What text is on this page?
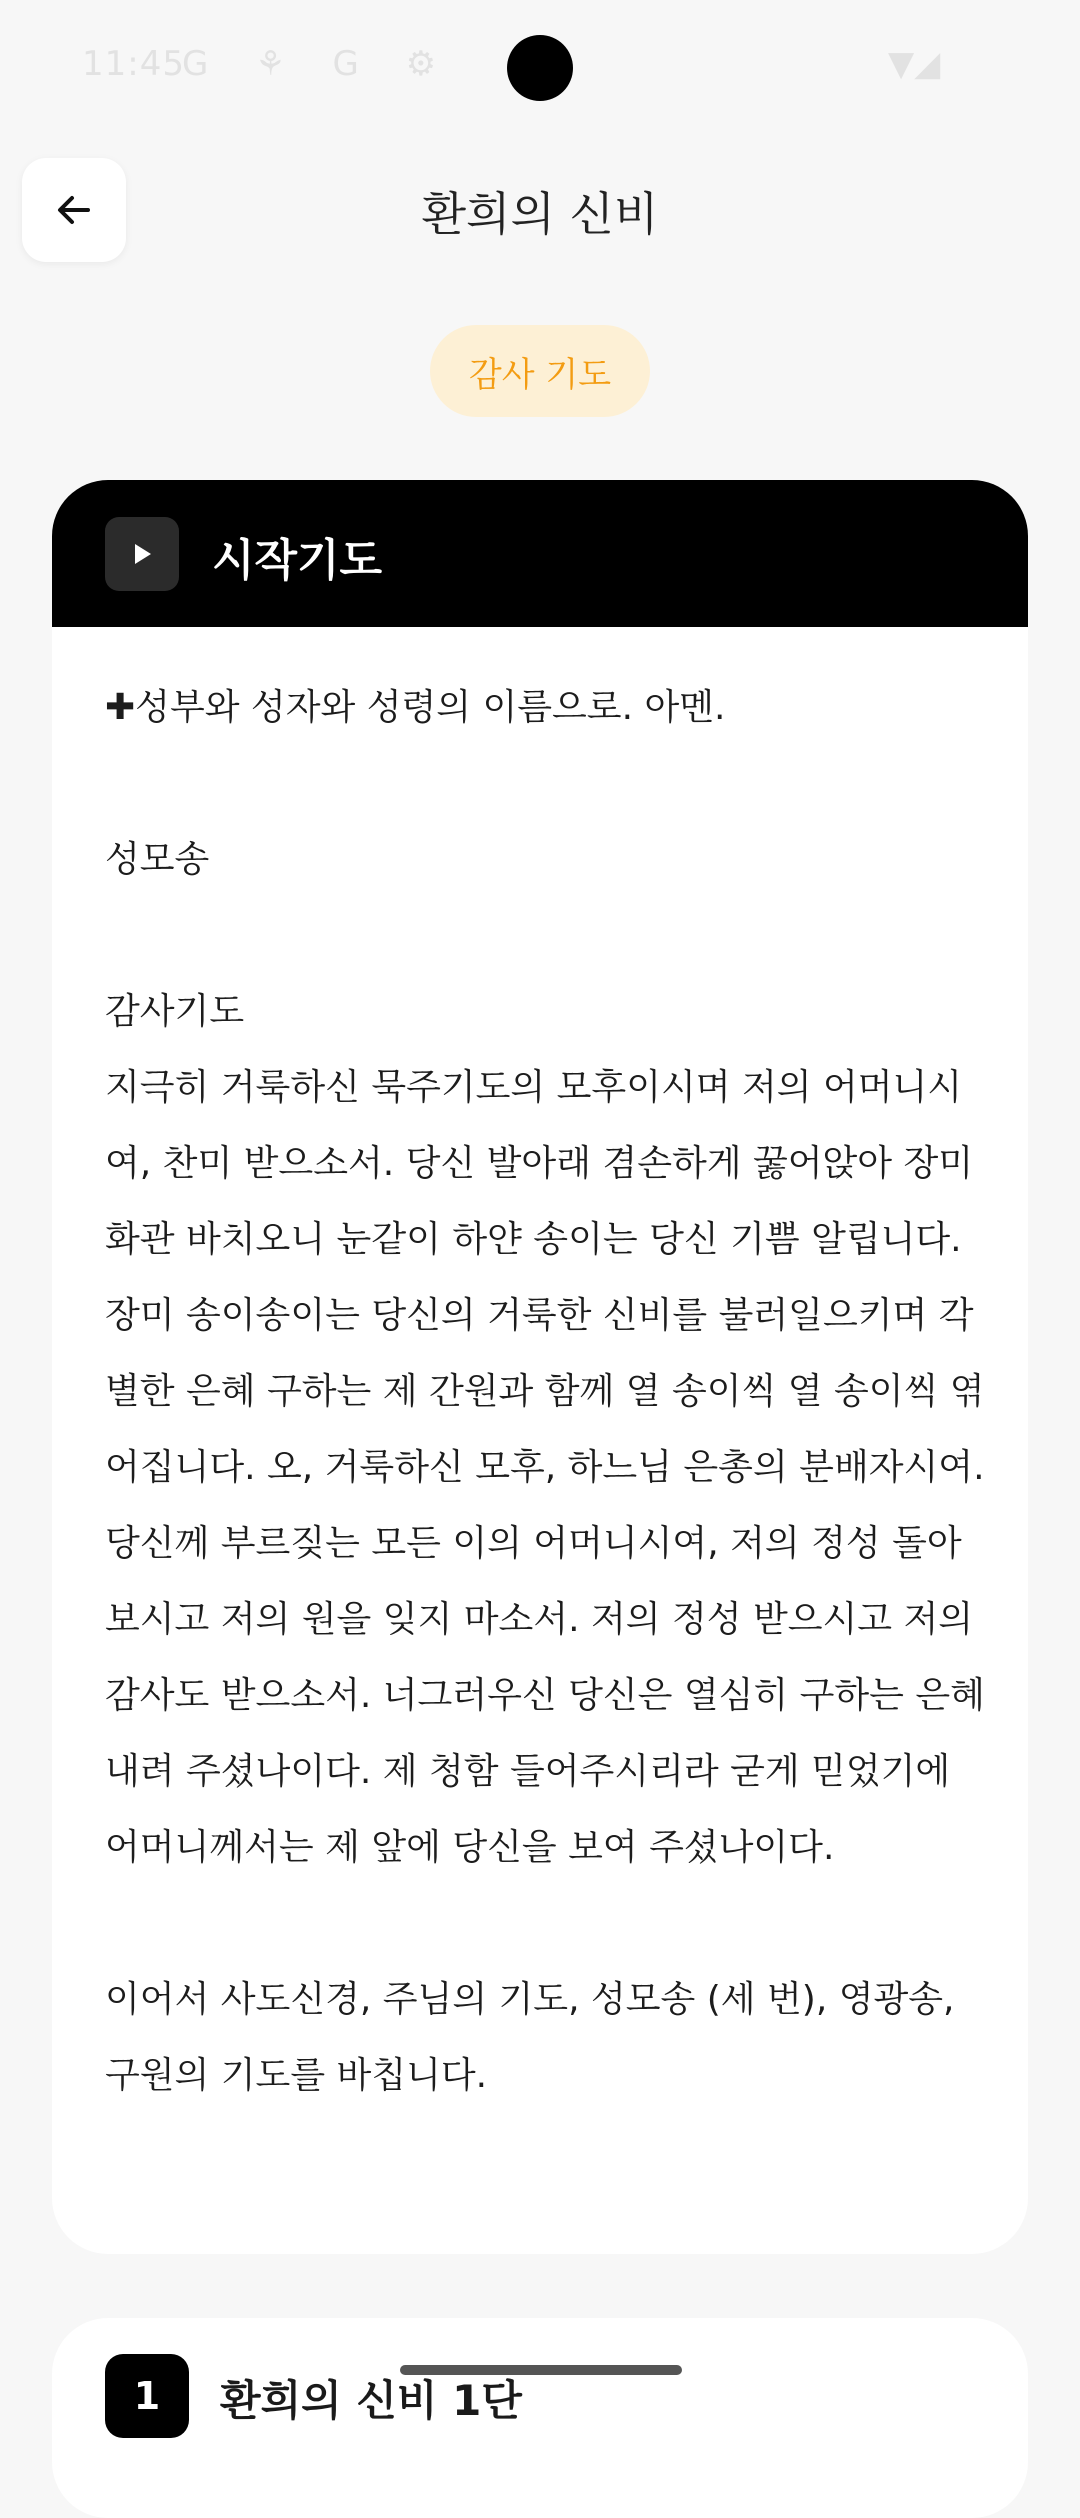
11:45
G ⚘ G ⚙	▼◢
환희의 신비
감사 기도
시작기도

✚성부와 성자와 성령의 이름으로. 아멘.

성모송

감사기도
지극히 거룩하신 묵주기도의 모후이시며 저의 어머니시여, 찬미 받으소서. 당신 발아래 겸손하게 꿇어앉아 장미화관 바치오니 눈같이 하얀 송이는 당신 기쁨 알립니다. 장미 송이송이는 당신의 거룩한 신비를 불러일으키며 각별한 은혜 구하는 제 간원과 함께 열 송이씩 열 송이씩 엮어집니다. 오, 거룩하신 모후, 하느님 은총의 분배자시여. 당신께 부르짖는 모든 이의 어머니시여, 저의 정성 돌아보시고 저의 원을 잊지 마소서. 저의 정성 받으시고 저의 감사도 받으소서. 너그러우신 당신은 열심히 구하는 은혜 내려 주셨나이다. 제 청함 들어주시리라 굳게 믿었기에 어머니께서는 제 앞에 당신을 보여 주셨나이다.

이어서 사도신경, 주님의 기도, 성모송 (세 번), 영광송, 구원의 기도를 바칩니다.

1	환희의 신비 1단
